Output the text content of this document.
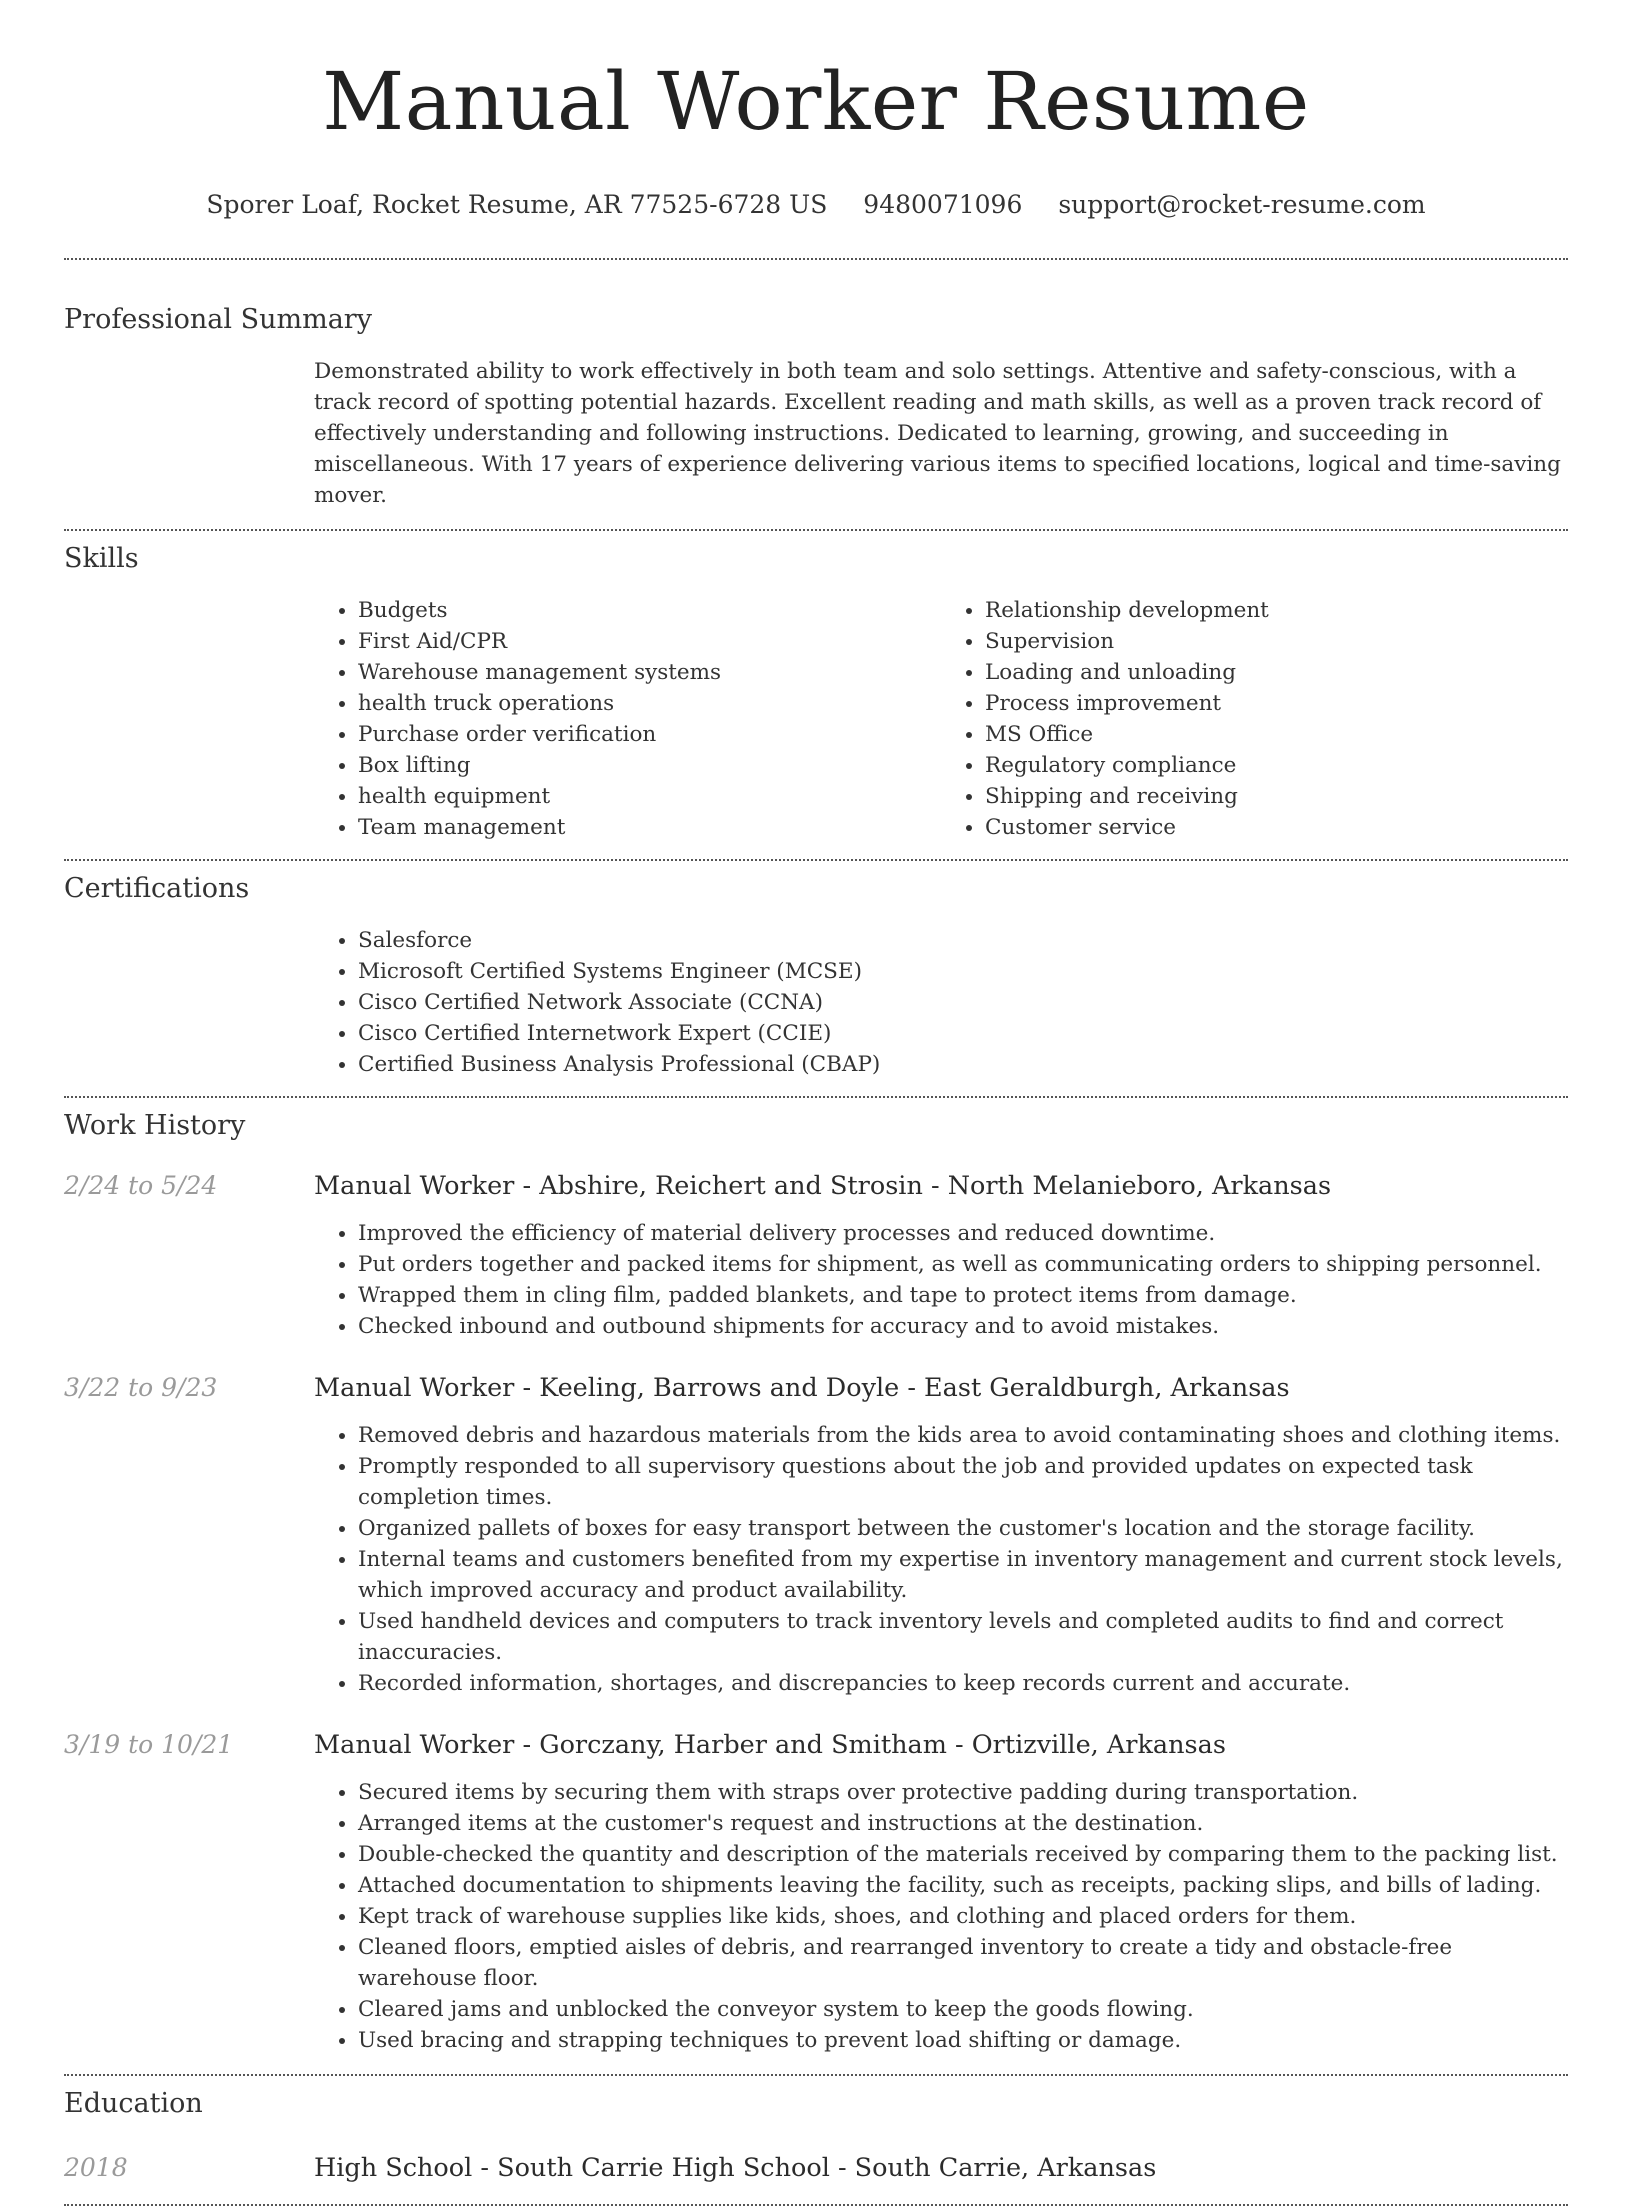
Manual Worker Resume
Sporer Loaf, Rocket Resume, AR 77525-6728 US 9480071096 support@rocket-resume.com
Professional Summary
Demonstrated ability to work effectively in both team and solo settings. Attentive and safety-conscious, with a track record of spotting potential hazards. Excellent reading and math skills, as well as a proven track record of effectively understanding and following instructions. Dedicated to learning, growing, and succeeding in miscellaneous. With 17 years of experience delivering various items to specified locations, logical and time-saving mover.
Skills
• Budgets
• First Aid/CPR
• Warehouse management systems
• health truck operations
• Purchase order verification
• Box lifting
• health equipment
• Team management
• Relationship development
• Supervision
• Loading and unloading
• Process improvement
• MS Office
• Regulatory compliance
• Shipping and receiving
• Customer service
Certifications
• Salesforce
• Microsoft Certified Systems Engineer (MCSE)
• Cisco Certified Network Associate (CCNA)
• Cisco Certified Internetwork Expert (CCIE)
• Certified Business Analysis Professional (CBAP)
Work History
2/24 to 5/24	Manual Worker - Abshire, Reichert and Strosin - North Melanieboro, Arkansas
• Improved the efficiency of material delivery processes and reduced downtime.
• Put orders together and packed items for shipment, as well as communicating orders to shipping personnel.
• Wrapped them in cling film, padded blankets, and tape to protect items from damage.
• Checked inbound and outbound shipments for accuracy and to avoid mistakes.
3/22 to 9/23	Manual Worker - Keeling, Barrows and Doyle - East Geraldburgh, Arkansas
• Removed debris and hazardous materials from the kids area to avoid contaminating shoes and clothing items.
• Promptly responded to all supervisory questions about the job and provided updates on expected task completion times.
• Organized pallets of boxes for easy transport between the customer's location and the storage facility.
• Internal teams and customers benefited from my expertise in inventory management and current stock levels, which improved accuracy and product availability.
• Used handheld devices and computers to track inventory levels and completed audits to find and correct inaccuracies.
• Recorded information, shortages, and discrepancies to keep records current and accurate.
3/19 to 10/21	Manual Worker - Gorczany, Harber and Smitham - Ortizville, Arkansas
• Secured items by securing them with straps over protective padding during transportation.
• Arranged items at the customer's request and instructions at the destination.
• Double-checked the quantity and description of the materials received by comparing them to the packing list.
• Attached documentation to shipments leaving the facility, such as receipts, packing slips, and bills of lading.
• Kept track of warehouse supplies like kids, shoes, and clothing and placed orders for them.
• Cleaned floors, emptied aisles of debris, and rearranged inventory to create a tidy and obstacle-free warehouse floor.
• Cleared jams and unblocked the conveyor system to keep the goods flowing.
• Used bracing and strapping techniques to prevent load shifting or damage.
Education
2018	High School - South Carrie High School - South Carrie, Arkansas
